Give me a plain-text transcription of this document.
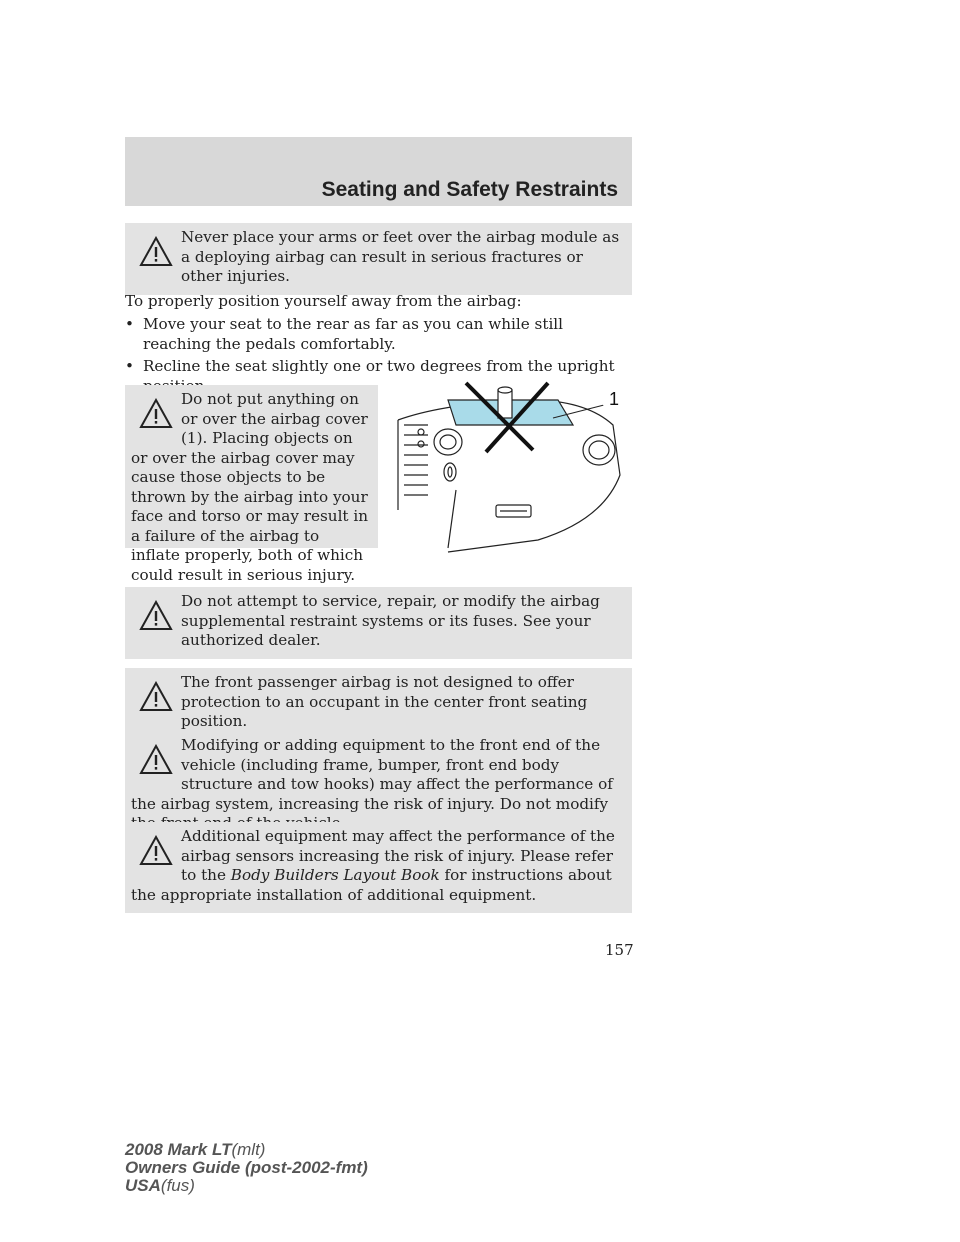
Seating and Safety Restraints
Never place your arms or feet over the airbag module as a deploying airbag can result in serious fractures or other injuries.
To properly position yourself away from the airbag:
• Move your seat to the rear as far as you can while still reaching the pedals comfortably.
• Recline the seat slightly one or two degrees from the upright
Do not put anything on or over the airbag cover (1). Placing objects on or over the airbag cover may cause those objects to be thrown by the airbag into your face and torso or may result in a failure of the airbag to inflate properly, both of which could result in serious injury.
1
Do not attempt to service, repair, or modify the airbag supplemental restraint systems or its fuses. See your authorized dealer.
The front passenger airbag is not designed to offer protection to an occupant in the center front seating position.
Modifying or adding equipment to the front end of the vehicle (including frame, bumper, front end body structure and tow hooks) may affect the performance of the airbag system, increasing the risk of injury. Do not modify
Additional equipment may affect the performance of the airbag sensors increasing the risk of injury. Please refer to the Body Builders Layout Book for instructions about the appropriate installation of additional equipment.
157
2008 Mark LT(mlt)
Owners Guide (post-2002-fmt)
USA(fus)
